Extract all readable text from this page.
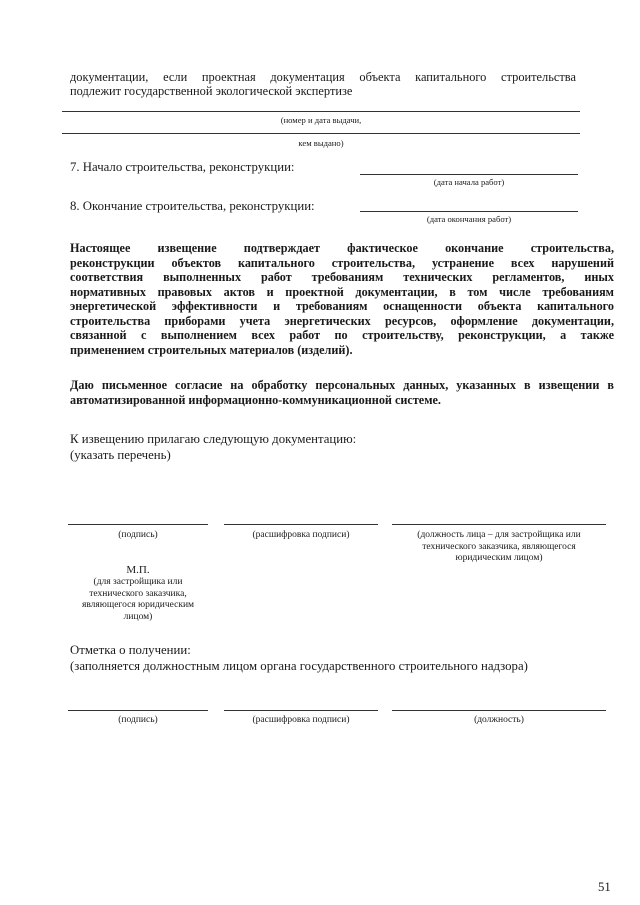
документации, если проектная документация объекта капитального строительства
подлежит государственной экологической экспертизе
(номер и дата выдачи,
кем выдано)
7. Начало строительства, реконструкции:
(дата начала работ)
8. Окончание строительства, реконструкции:
(дата окончания работ)
Настоящее извещение подтверждает фактическое окончание строительства,
реконструкции объектов капитального строительства, устранение всех нарушений
соответствия выполненных работ требованиям технических регламентов, иных
нормативных правовых актов и проектной документации, в том числе требованиям
энергетической эффективности и требованиям оснащенности объекта капитального
строительства приборами учета энергетических ресурсов, оформление документации,
связанной с выполнением всех работ по строительству, реконструкции, а также
применением строительных материалов (изделий).
Даю письменное согласие на обработку персональных данных, указанных в извещении в
автоматизированной информационно-коммуникационной системе.
К извещению прилагаю следующую документацию:
(указать перечень)
(подпись)	(расшифровка подписи)	(должность лица – для застройщика или
технического заказчика, являющегося
юридическим лицом)
М.П.
(для застройщика или
технического заказчика,
являющегося юридическим
лицом)
Отметка о получении:
(заполняется должностным лицом органа государственного строительного надзора)
(подпись)	(расшифровка подписи)	(должность)
51
